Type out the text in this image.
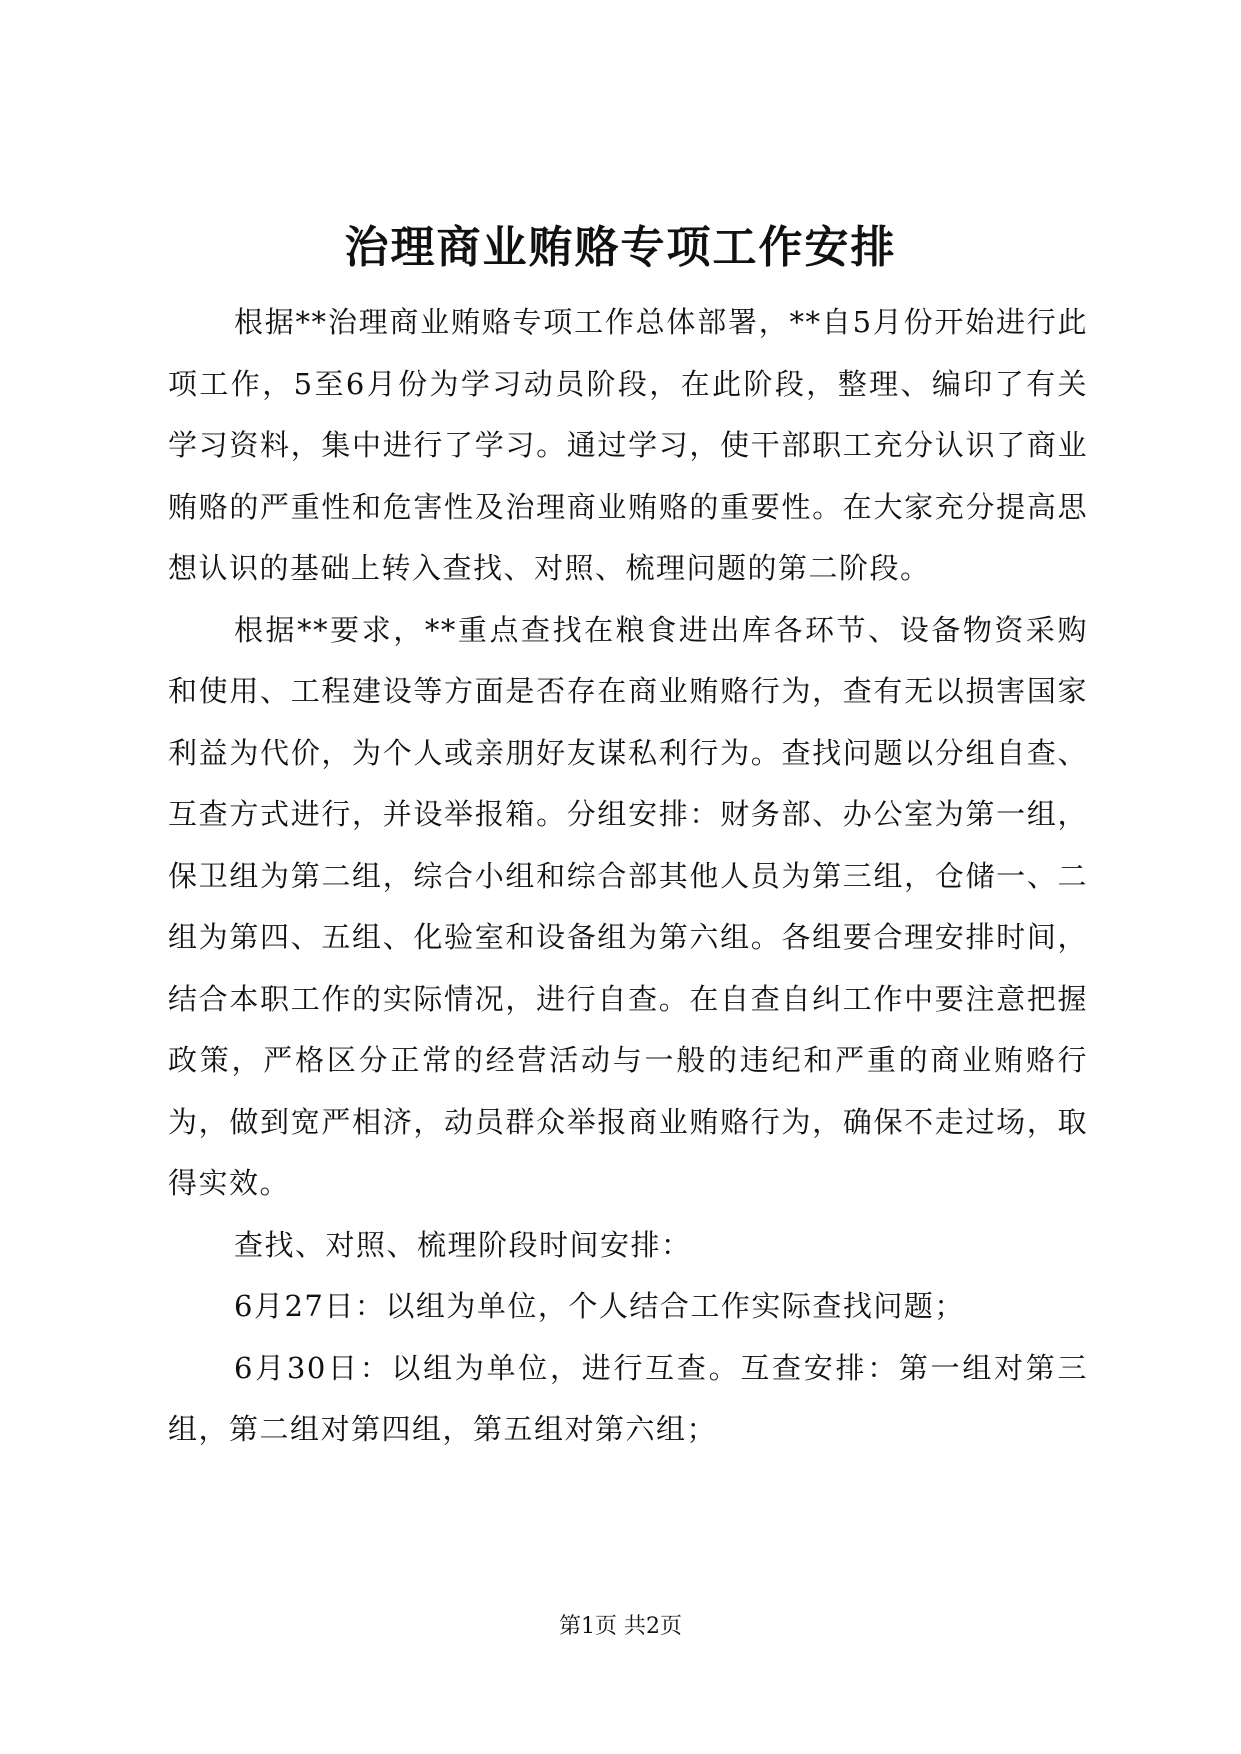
治理商业贿赂专项工作安排

根据**治理商业贿赂专项工作总体部署，**自5月份开始进行此项工作，5至6月份为学习动员阶段，在此阶段，整理、编印了有关学习资料，集中进行了学习。通过学习，使干部职工充分认识了商业贿赂的严重性和危害性及治理商业贿赂的重要性。在大家充分提高思想认识的基础上转入查找、对照、梳理问题的第二阶段。

根据**要求，**重点查找在粮食进出库各环节、设备物资采购和使用、工程建设等方面是否存在商业贿赂行为，查有无以损害国家利益为代价，为个人或亲朋好友谋私利行为。查找问题以分组自查、互查方式进行，并设举报箱。分组安排：财务部、办公室为第一组，保卫组为第二组，综合小组和综合部其他人员为第三组，仓储一、二组为第四、五组、化验室和设备组为第六组。各组要合理安排时间，结合本职工作的实际情况，进行自查。在自查自纠工作中要注意把握政策，严格区分正常的经营活动与一般的违纪和严重的商业贿赂行为，做到宽严相济，动员群众举报商业贿赂行为，确保不走过场，取得实效。

查找、对照、梳理阶段时间安排：

6月27日：以组为单位，个人结合工作实际查找问题；

6月30日：以组为单位，进行互查。互查安排：第一组对第三组，第二组对第四组，第五组对第六组；

第1页 共2页
